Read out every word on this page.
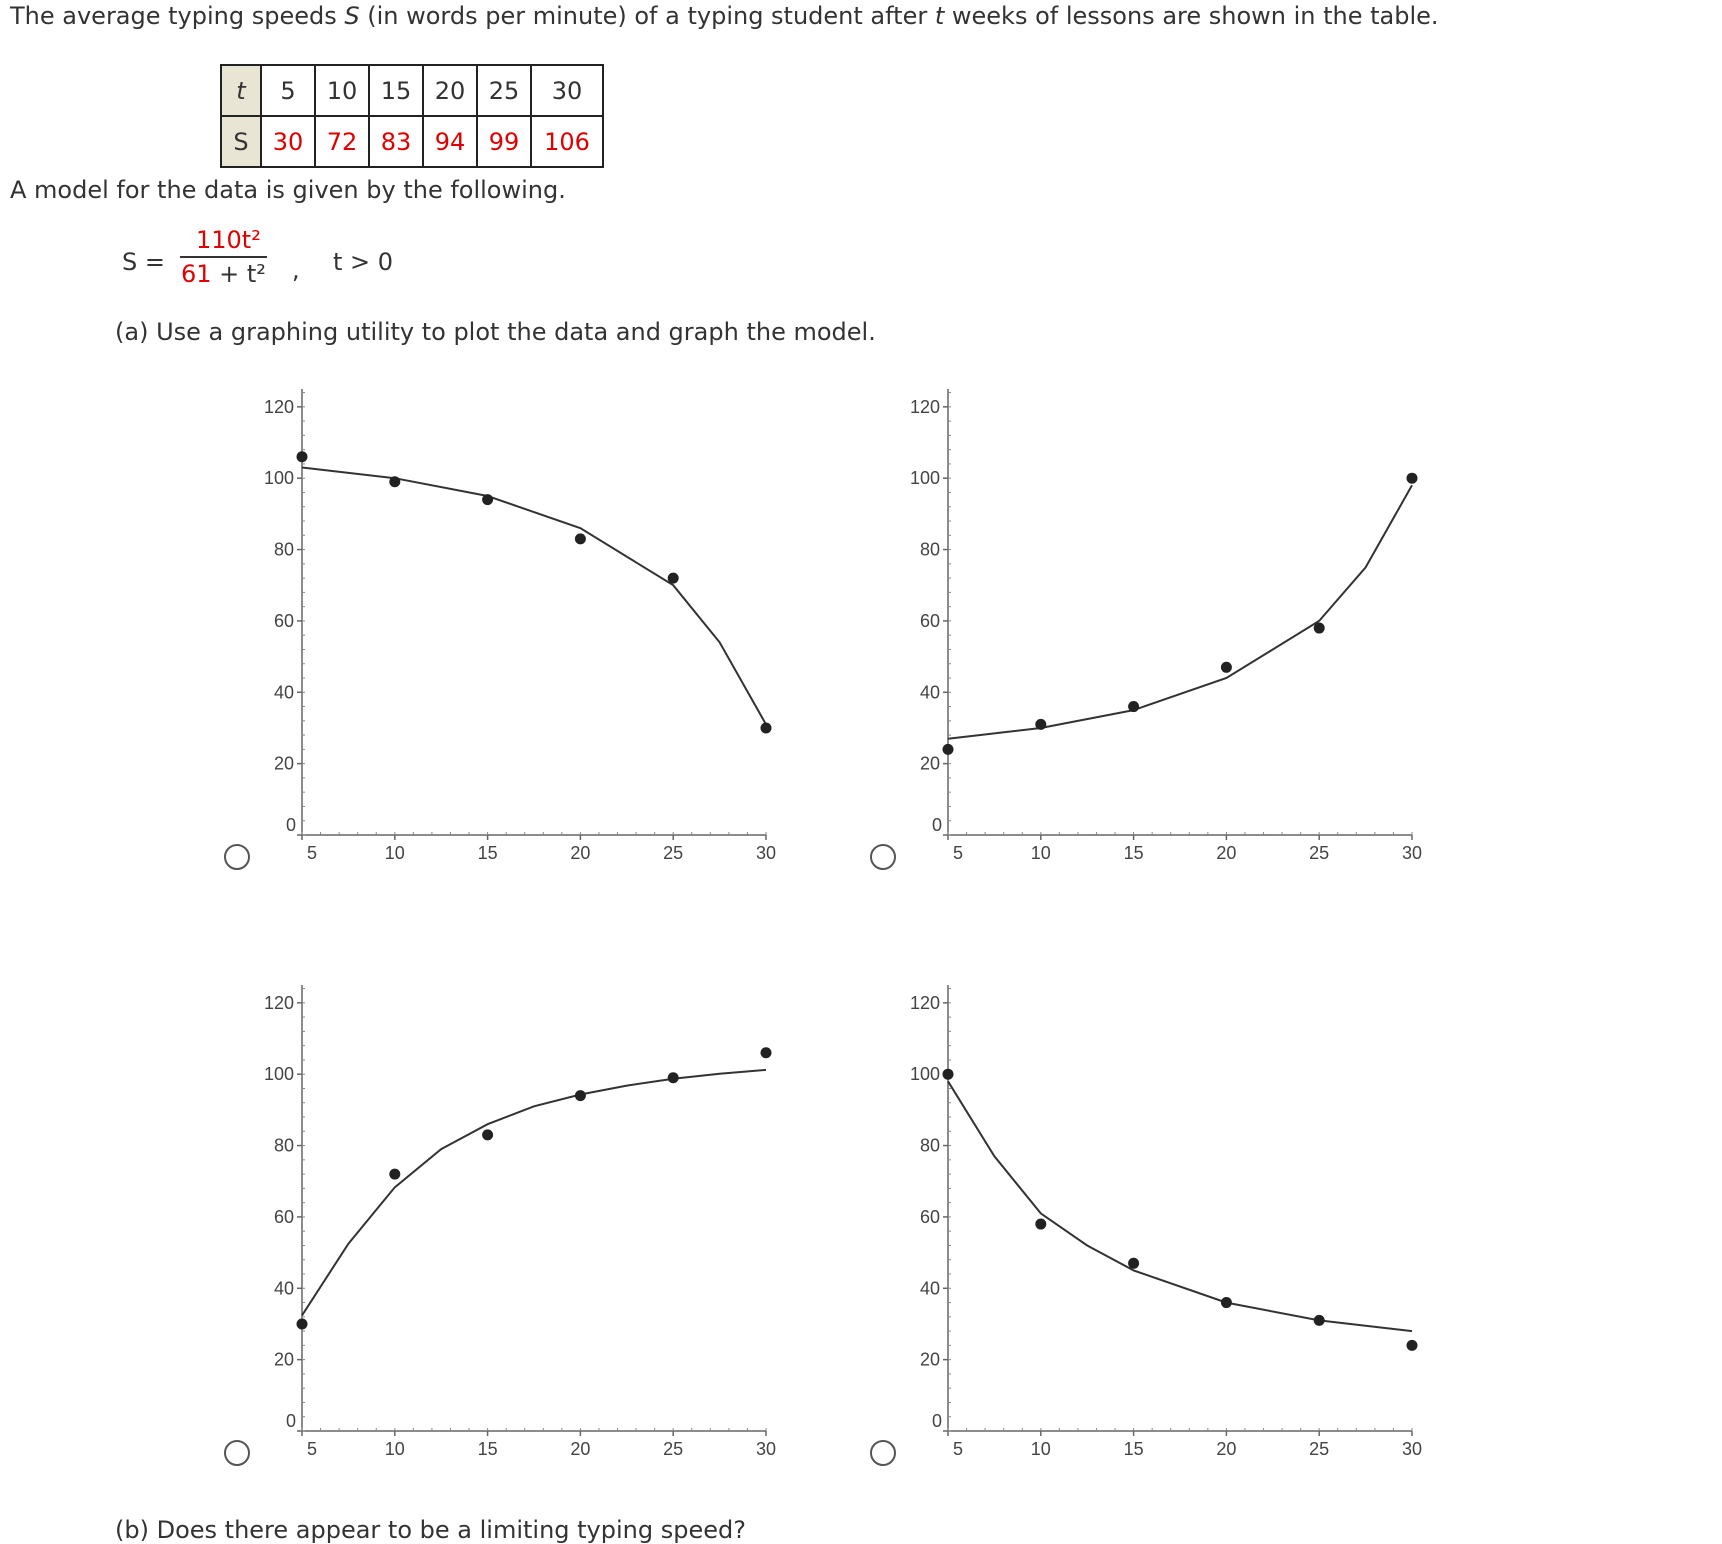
The average typing speeds S (in words per minute) of a typing student after t weeks of lessons are shown in the table.
t	5	10	15	20	25	30
S	30	72	83	94	99	106
A model for the data is given by the following.
$S = \frac{\text{110t²}}{\text{61 + t²}}$ , t > 0
(a) Use a graphing utility to plot the data and graph the model.
0
20
40
60
80
100
120
5	10	15	20	25	30
0
20
40
60
80
100
120
5	10	15	20	25	30
0
20
40
60
80
100
120
5	10	15	20	25	30
0
20
40
60
80
100
120
5	10	15	20	25	30
(b) Does there appear to be a limiting typing speed?
